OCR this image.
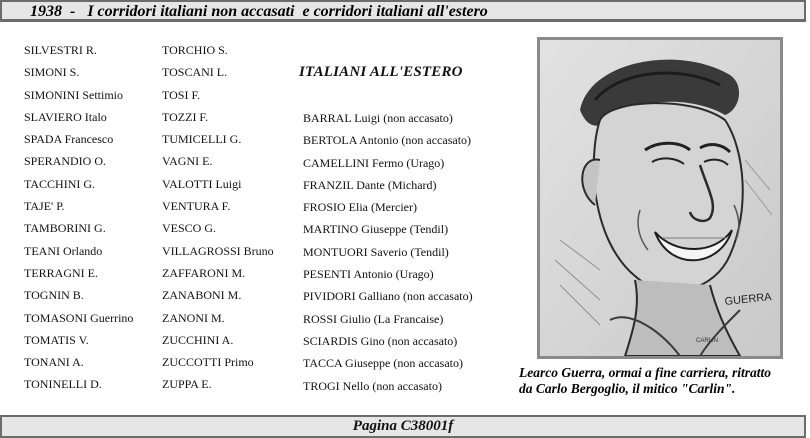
1938  -   I corridori italiani non accasati  e corridori italiani all'estero
SILVESTRI R.
SIMONI S.
SIMONINI Settimio
SLAVIERO Italo
SPADA Francesco
SPERANDIO O.
TACCHINI G.
TAJE' P.
TAMBORINI G.
TEANI Orlando
TERRAGNI E.
TOGNIN B.
TOMASONI Guerrino
TOMATIS V.
TONANI A.
TONINELLI D.
TORCHIO S.
TOSCANI L.
TOSI F.
TOZZI F.
TUMICELLI G.
VAGNI E.
VALOTTI Luigi
VENTURA F.
VESCO G.
VILLAGROSSI Bruno
ZAFFARONI M.
ZANABONI M.
ZANONI M.
ZUCCHINI A.
ZUCCOTTI Primo
ZUPPA E.
ITALIANI ALL'ESTERO
BARRAL Luigi (non accasato)
BERTOLA Antonio (non accasato)
CAMELLINI Fermo (Urago)
FRANZIL Dante (Michard)
FROSIO Elia (Mercier)
MARTINO Giuseppe (Tendil)
MONTUORI Saverio (Tendil)
PESENTI Antonio (Urago)
PIVIDORI Galliano (non accasato)
ROSSI Giulio (La Francaise)
SCIARDIS Gino (non accasato)
TACCA Giuseppe (non accasato)
TROGI Nello (non accasato)
GUERRA
CARLIN
Learco Guerra, ormai a fine carriera, ritratto
da Carlo Bergoglio, il mitico "Carlin".
Pagina C38001f
